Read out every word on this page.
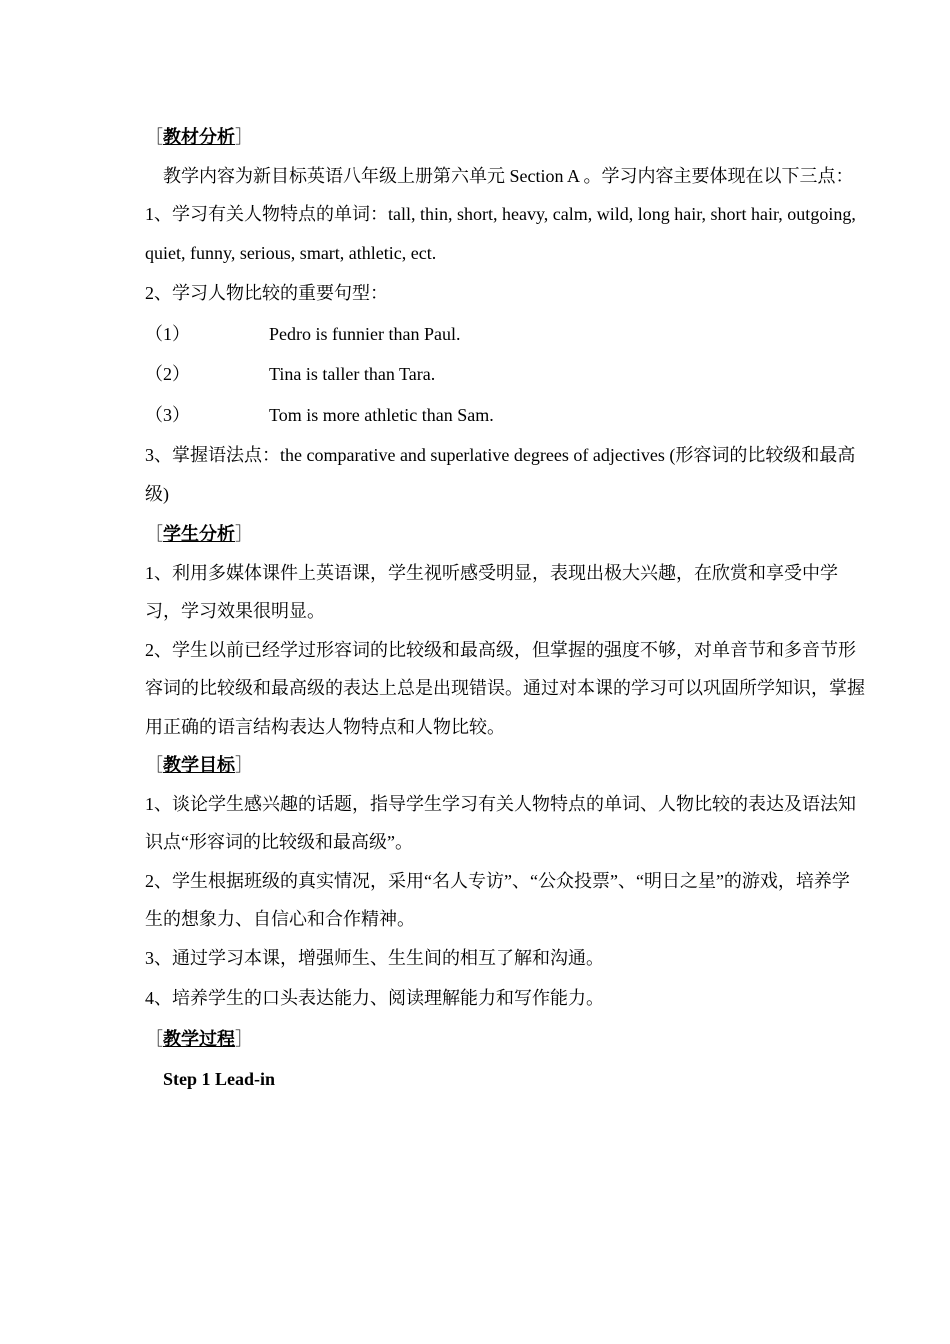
［教材分析］

教学内容为新目标英语八年级上册第六单元 Section A 。学习内容主要体现在以下三点：

1、学习有关人物特点的单词：tall, thin, short, heavy, calm, wild, long hair, short hair, outgoing, quiet, funny, serious, smart, athletic, ect.

2、学习人物比较的重要句型：

（1）	Pedro is funnier than Paul.
（2）	Tina is taller than Tara.
（3）	Tom is more athletic than Sam.

3、掌握语法点：the comparative and superlative degrees of adjectives (形容词的比较级和最高级)

［学生分析］

1、利用多媒体课件上英语课，学生视听感受明显，表现出极大兴趣，在欣赏和享受中学习，学习效果很明显。

2、学生以前已经学过形容词的比较级和最高级，但掌握的强度不够，对单音节和多音节形容词的比较级和最高级的表达上总是出现错误。通过对本课的学习可以巩固所学知识，掌握用正确的语言结构表达人物特点和人物比较。

［教学目标］

1、谈论学生感兴趣的话题，指导学生学习有关人物特点的单词、人物比较的表达及语法知识点“形容词的比较级和最高级”。

2、学生根据班级的真实情况，采用“名人专访”、“公众投票”、“明日之星”的游戏，培养学生的想象力、自信心和合作精神。

3、通过学习本课，增强师生、生生间的相互了解和沟通。

4、培养学生的口头表达能力、阅读理解能力和写作能力。

［教学过程］

Step 1 Lead-in
